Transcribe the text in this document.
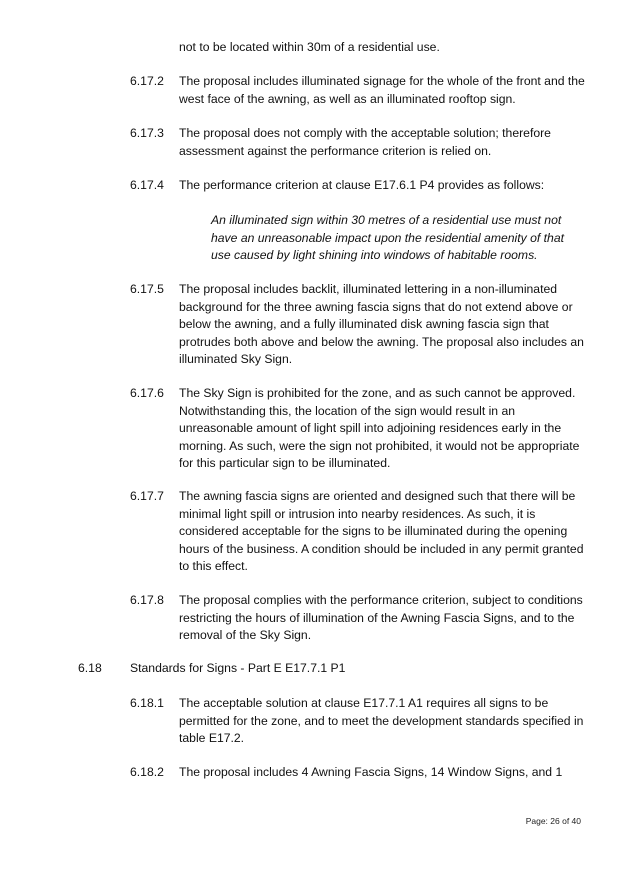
not to be located within 30m of a residential use.
6.17.2 The proposal includes illuminated signage for the whole of the front and the west face of the awning, as well as an illuminated rooftop sign.
6.17.3 The proposal does not comply with the acceptable solution; therefore assessment against the performance criterion is relied on.
6.17.4 The performance criterion at clause E17.6.1 P4 provides as follows:
An illuminated sign within 30 metres of a residential use must not have an unreasonable impact upon the residential amenity of that use caused by light shining into windows of habitable rooms.
6.17.5 The proposal includes backlit, illuminated lettering in a non-illuminated background for the three awning fascia signs that do not extend above or below the awning, and a fully illuminated disk awning fascia sign that protrudes both above and below the awning. The proposal also includes an illuminated Sky Sign.
6.17.6 The Sky Sign is prohibited for the zone, and as such cannot be approved. Notwithstanding this, the location of the sign would result in an unreasonable amount of light spill into adjoining residences early in the morning. As such, were the sign not prohibited, it would not be appropriate for this particular sign to be illuminated.
6.17.7 The awning fascia signs are oriented and designed such that there will be minimal light spill or intrusion into nearby residences. As such, it is considered acceptable for the signs to be illuminated during the opening hours of the business. A condition should be included in any permit granted to this effect.
6.17.8 The proposal complies with the performance criterion, subject to conditions restricting the hours of illumination of the Awning Fascia Signs, and to the removal of the Sky Sign.
6.18 Standards for Signs - Part E E17.7.1 P1
6.18.1 The acceptable solution at clause E17.7.1 A1 requires all signs to be permitted for the zone, and to meet the development standards specified in table E17.2.
6.18.2 The proposal includes 4 Awning Fascia Signs, 14 Window Signs, and 1
Page: 26 of 40
